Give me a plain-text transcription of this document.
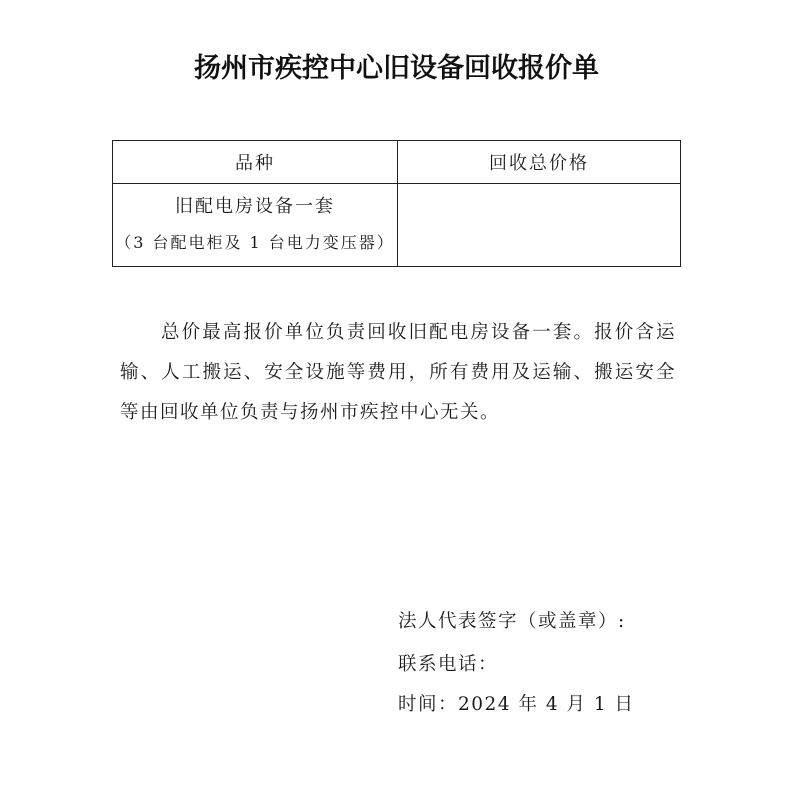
扬州市疾控中心旧设备回收报价单
品种	回收总价格

旧配电房设备一套
（3 台配电柜及 1 台电力变压器）	

总价最高报价单位负责回收旧配电房设备一套。报价含运输、人工搬运、安全设施等费用，所有费用及运输、搬运安全等由回收单位负责与扬州市疾控中心无关。
法人代表签字（或盖章）:
联系电话：
时间：2024 年 4 月 1 日
